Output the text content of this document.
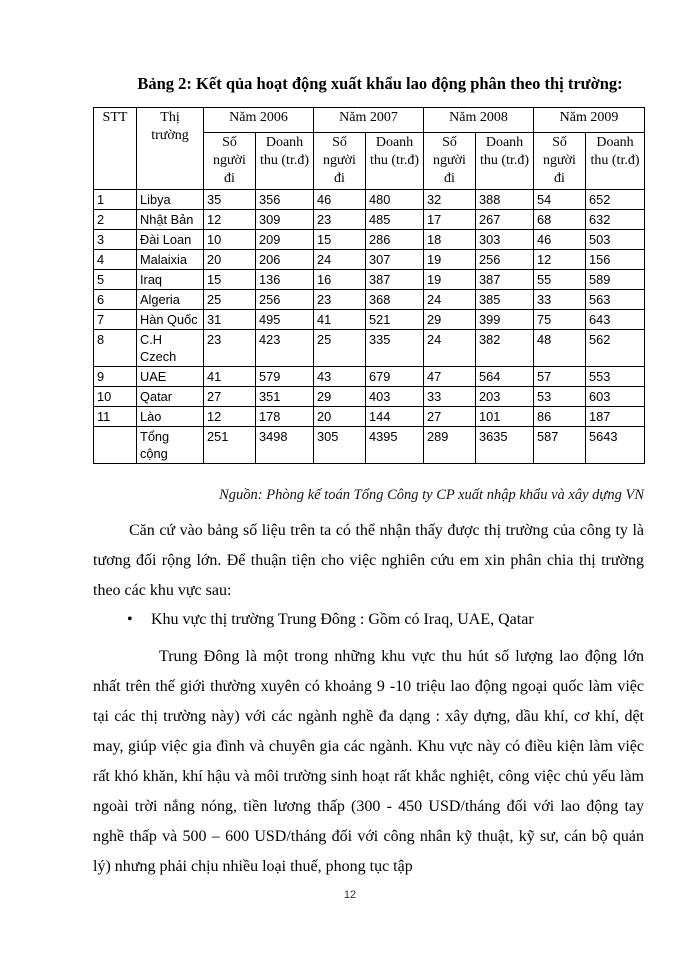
Bảng 2: Kết qủa hoạt động xuất khẩu lao động phân theo thị trường:
STT	Thị trường	Năm 2006		Năm 2007		Năm 2008		Năm 2009	
		Số người đi	Doanh thu (tr.đ)	Số người đi	Doanh thu (tr.đ)	Số người đi	Doanh thu (tr.đ)	Số người đi	Doanh thu (tr.đ)
1	Libya	35	356	46	480	32	388	54	652
2	Nhật Bản	12	309	23	485	17	267	68	632
3	Đài Loan	10	209	15	286	18	303	46	503
4	Malaixia	20	206	24	307	19	256	12	156
5	Iraq	15	136	16	387	19	387	55	589
6	Algeria	25	256	23	368	24	385	33	563
7	Hàn Quốc	31	495	41	521	29	399	75	643
8	C.H Czech	23	423	25	335	24	382	48	562
9	UAE	41	579	43	679	47	564	57	553
10	Qatar	27	351	29	403	33	203	53	603
11	Lào	12	178	20	144	27	101	86	187
	Tổng cộng	251	3498	305	4395	289	3635	587	5643
Nguồn: Phòng kế toán Tổng Công ty CP xuất nhập khẩu và xây dựng VN

Căn cứ vào bảng số liệu trên ta có thể nhận thấy được thị trường của công ty là tương đối rộng lớn. Để thuận tiện cho việc nghiên cứu em xin phân chia thị trường theo các khu vực sau:

• Khu vực thị trường Trung Đông : Gồm có Iraq, UAE, Qatar

Trung Đông là một trong những khu vực thu hút số lượng lao động lớn nhất trên thế giới thường xuyên có khoảng 9 -10 triệu lao động ngoại quốc làm việc tại các thị trường này) với các ngành nghề đa dạng : xây dựng, dầu khí, cơ khí, dệt may, giúp việc gia đình và chuyên gia các ngành. Khu vực này có điều kiện làm việc rất khó khăn, khí hậu và môi trường sinh hoạt rất khắc nghiệt, công việc chủ yếu làm ngoài trời nắng nóng, tiền lương thấp (300 - 450 USD/tháng đối với lao động tay nghề thấp và 500 – 600 USD/tháng đối với công nhân kỹ thuật, kỹ sư, cán bộ quản lý) nhưng phải chịu nhiều loại thuế, phong tục tập

12
